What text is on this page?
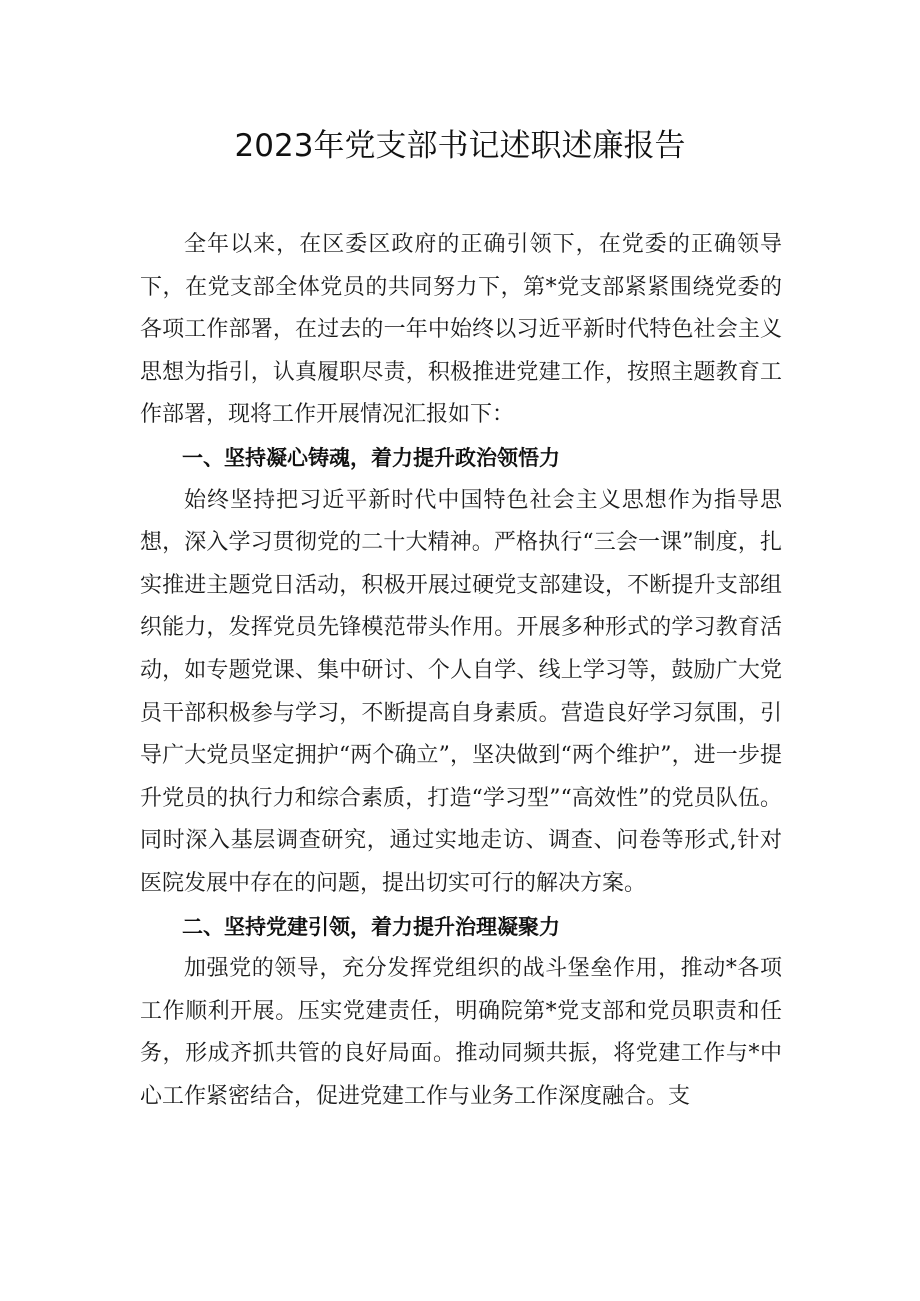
2023年党支部书记述职述廉报告

全年以来，在区委区政府的正确引领下，在党委的正确领导下，在党支部全体党员的共同努力下，第*党支部紧紧围绕党委的各项工作部署，在过去的一年中始终以习近平新时代特色社会主义思想为指引，认真履职尽责，积极推进党建工作，按照主题教育工作部署，现将工作开展情况汇报如下：

一、坚持凝心铸魂，着力提升政治领悟力

始终坚持把习近平新时代中国特色社会主义思想作为指导思想，深入学习贯彻党的二十大精神。严格执行“三会一课”制度，扎实推进主题党日活动，积极开展过硬党支部建设，不断提升支部组织能力，发挥党员先锋模范带头作用。开展多种形式的学习教育活动，如专题党课、集中研讨、个人自学、线上学习等，鼓励广大党员干部积极参与学习，不断提高自身素质。营造良好学习氛围，引导广大党员坚定拥护“两个确立”，坚决做到“两个维护”，进一步提升党员的执行力和综合素质，打造“学习型”“高效性”的党员队伍。同时深入基层调查研究，通过实地走访、调查、问卷等形式,针对医院发展中存在的问题，提出切实可行的解决方案。

二、坚持党建引领，着力提升治理凝聚力

加强党的领导，充分发挥党组织的战斗堡垒作用，推动*各项工作顺利开展。压实党建责任，明确院第*党支部和党员职责和任务，形成齐抓共管的良好局面。推动同频共振，将党建工作与*中心工作紧密结合，促进党建工作与业务工作深度融合。支
